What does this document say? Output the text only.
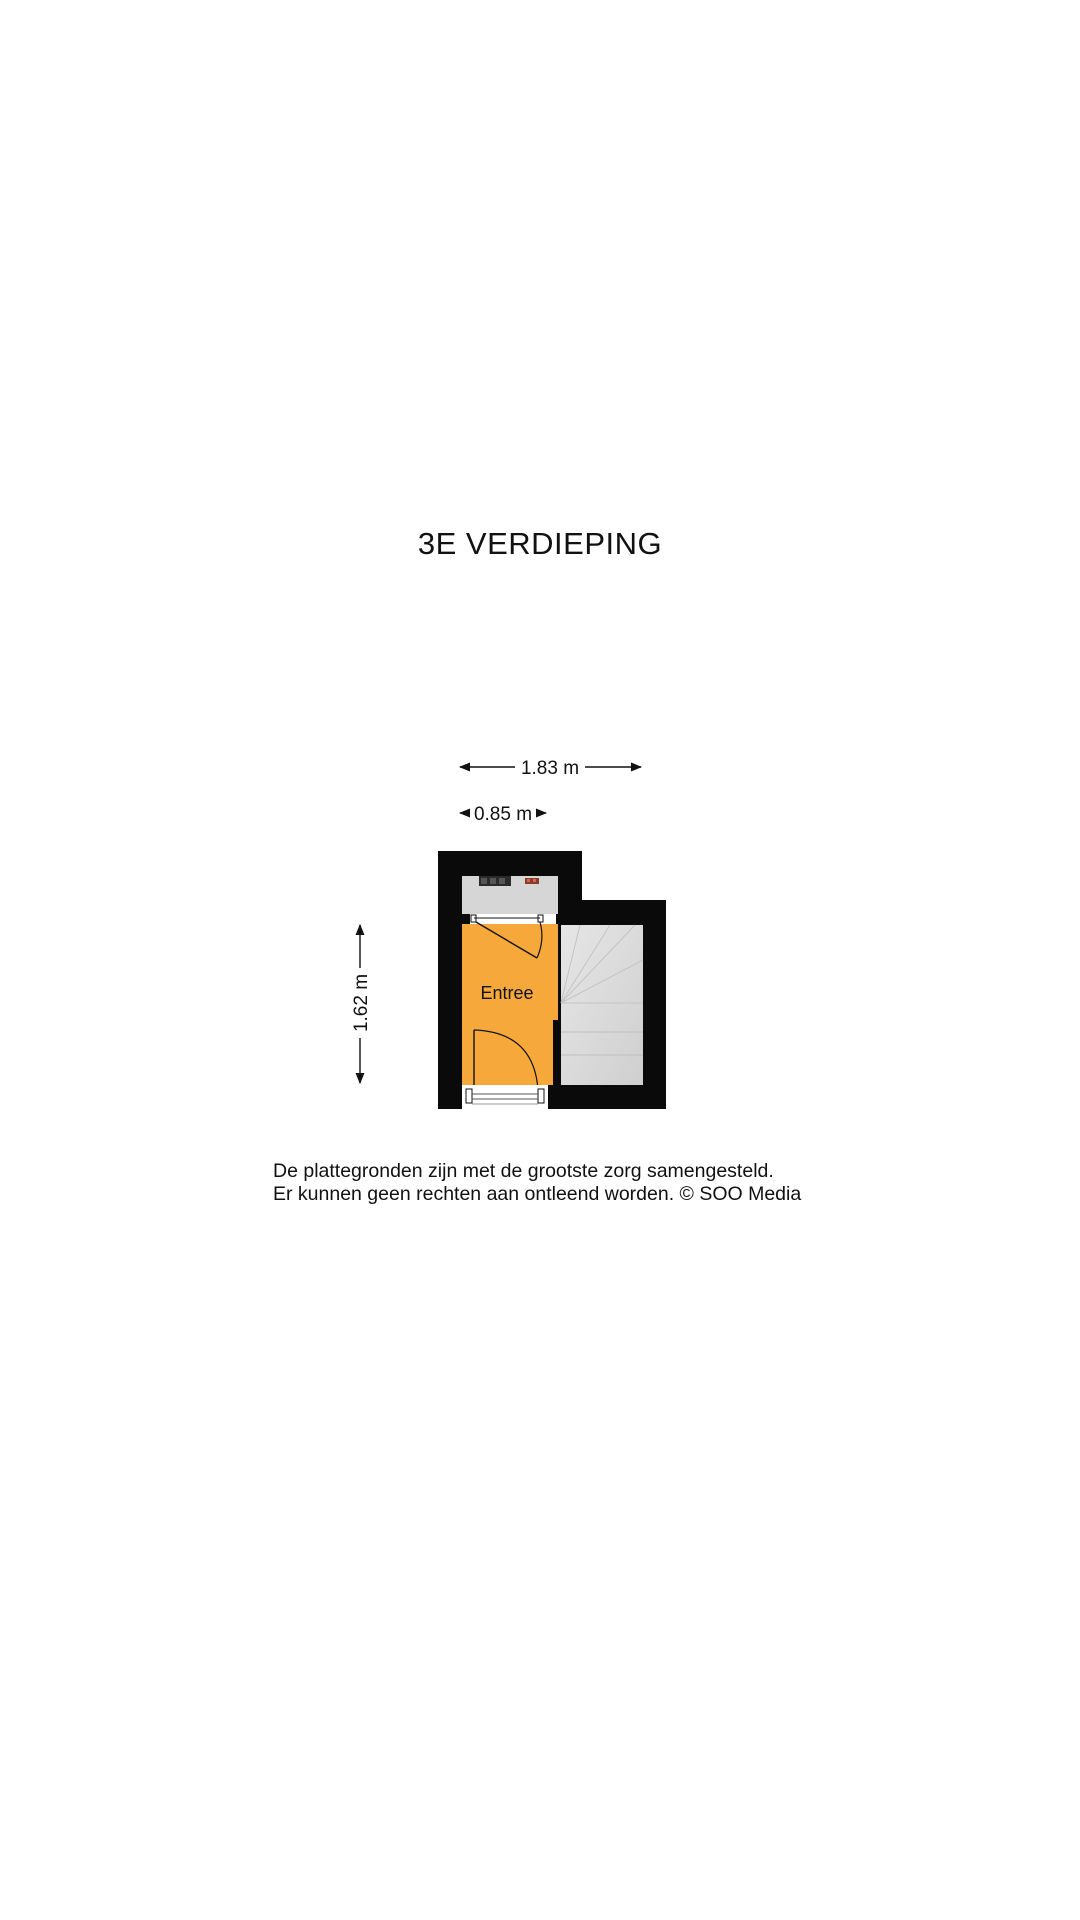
3E VERDIEPING
1.83 m
0.85 m
1.62 m	Entree
De plattegronden zijn met de grootste zorg samengesteld.
Er kunnen geen rechten aan ontleend worden. © SOO Media
